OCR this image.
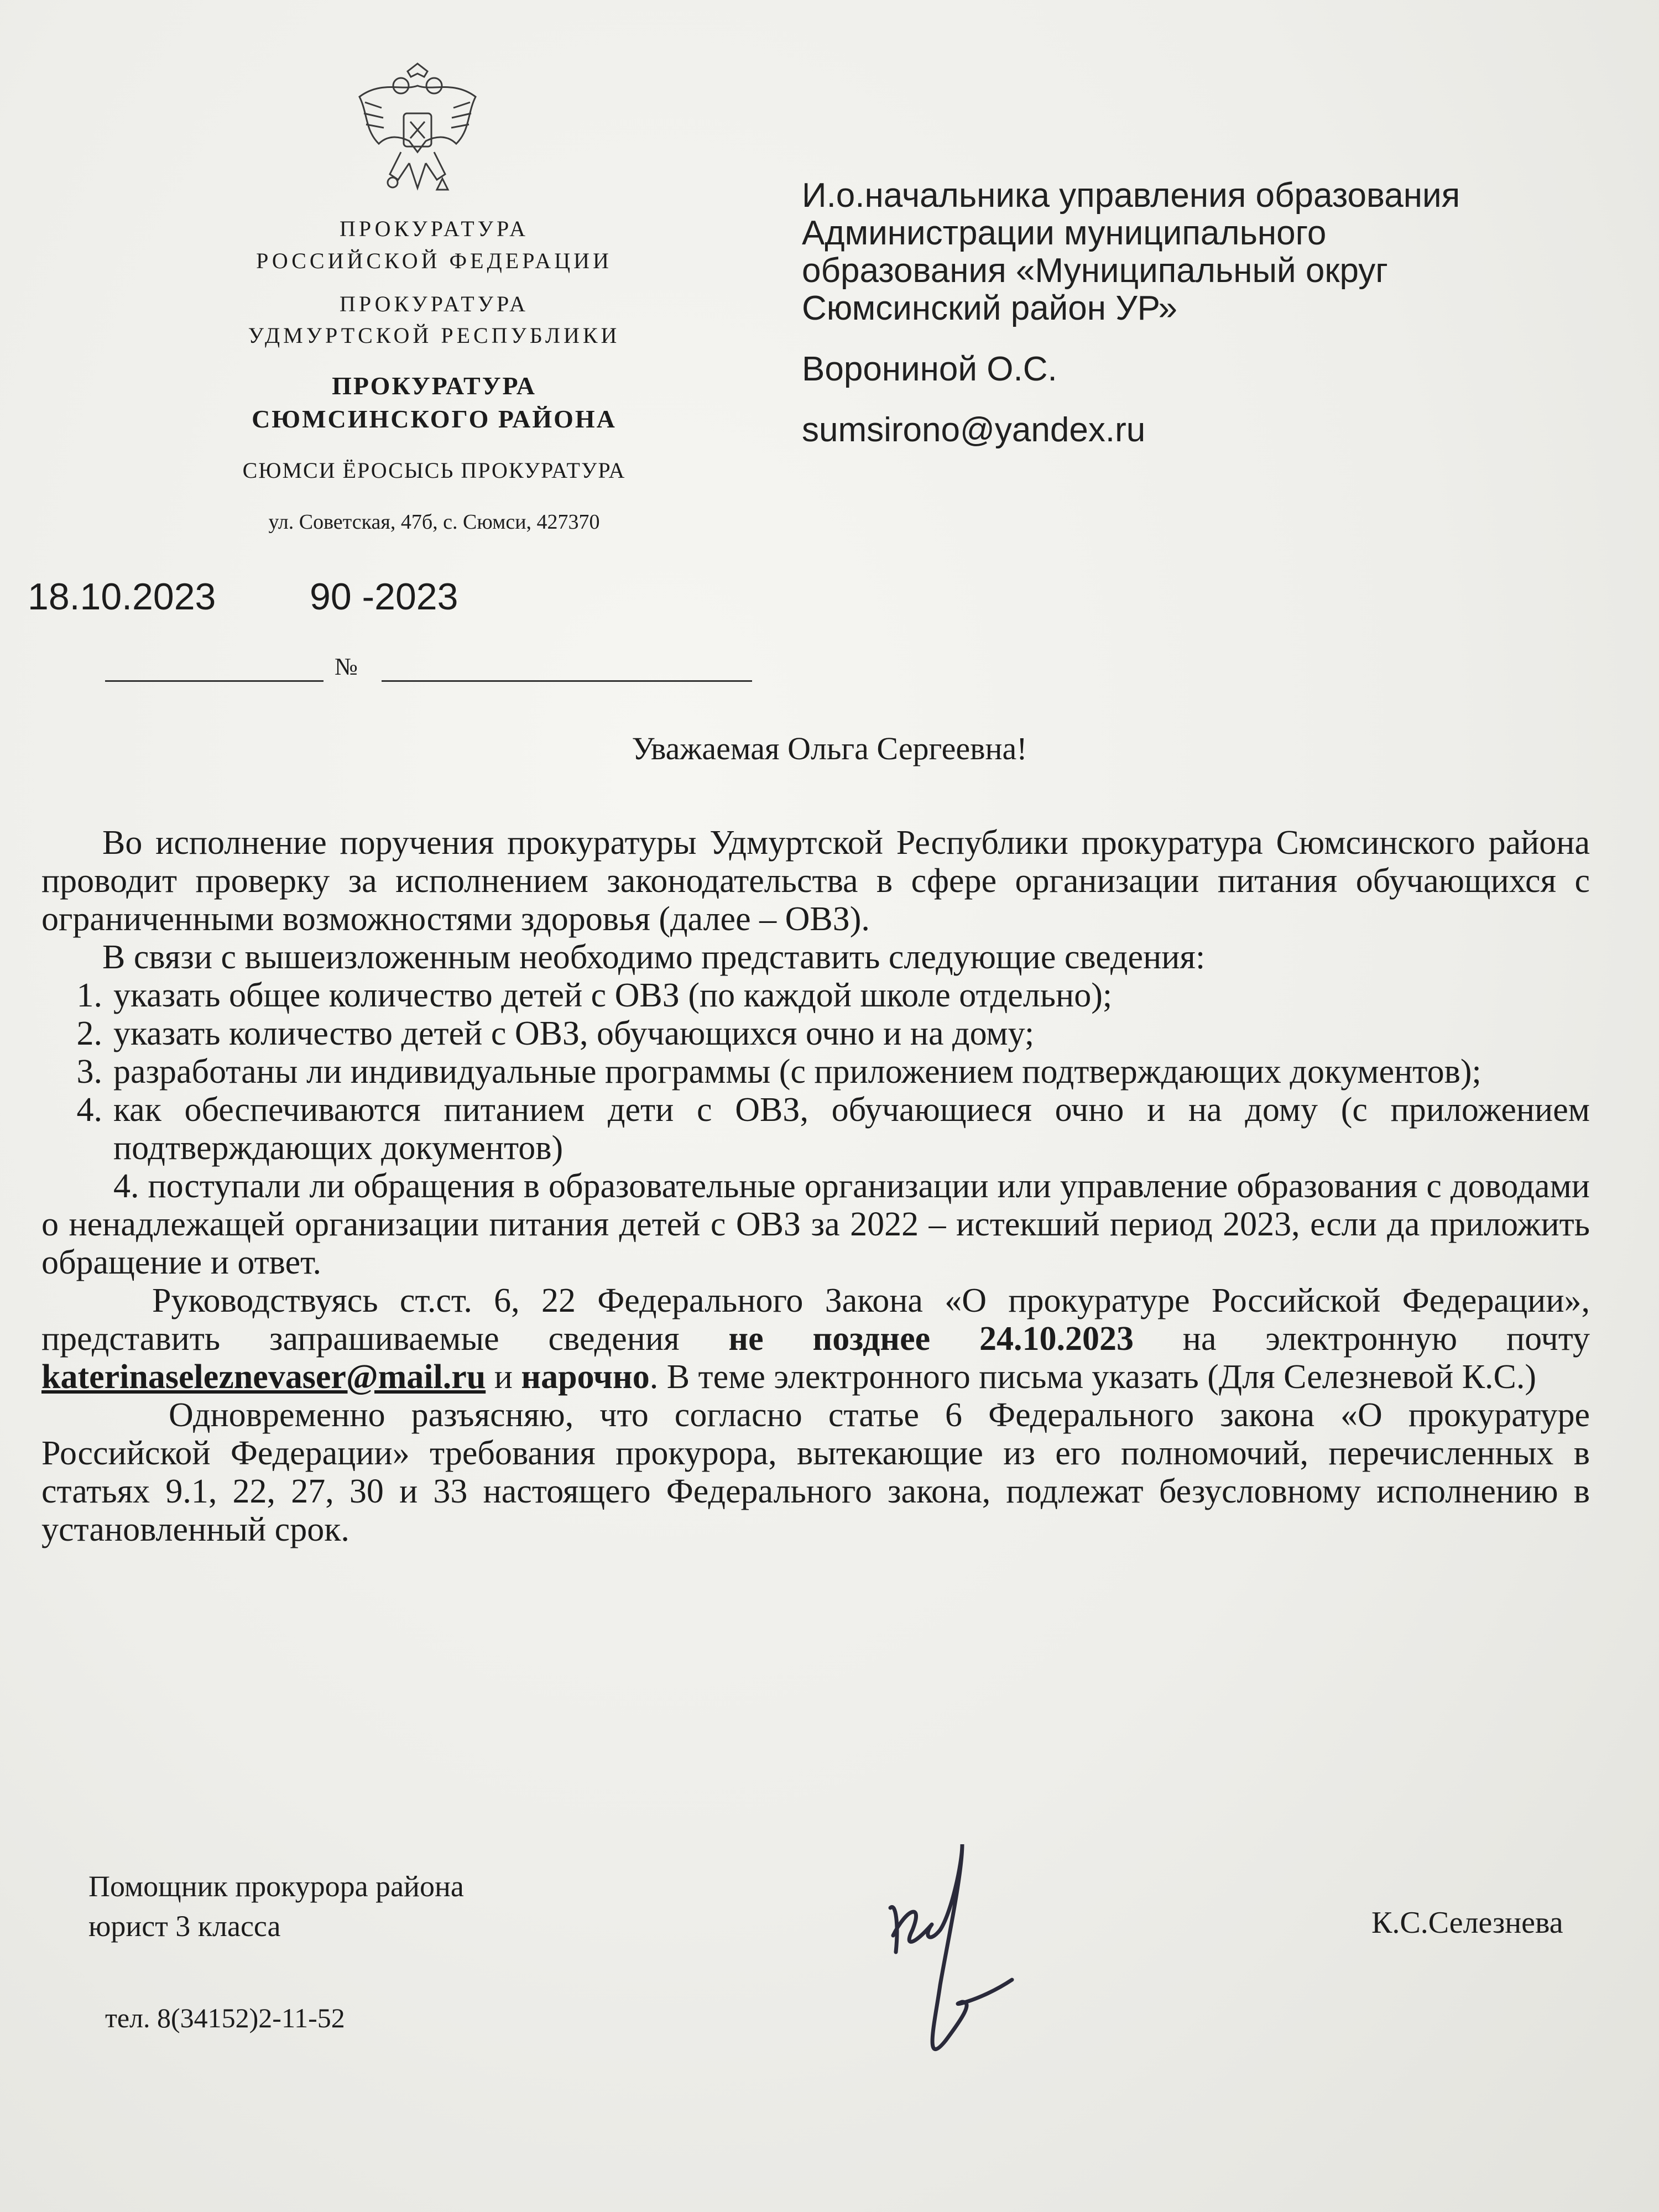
ПРОКУРАТУРА
РОССИЙСКОЙ ФЕДЕРАЦИИ
ПРОКУРАТУРА
УДМУРТСКОЙ РЕСПУБЛИКИ
ПРОКУРАТУРА
СЮМСИНСКОГО РАЙОНА
СЮМСИ ЁРОСЫСЬ ПРОКУРАТУРА
ул. Советская, 47б, с. Сюмси, 427370
И.о.начальника управления образования Администрации муниципального образования «Муниципальный округ Сюмсинский район УР»
Ворониной О.С.
sumsirono@yandex.ru
18.10.2023 90 -2023
№
Уважаемая Ольга Сергеевна!

Во исполнение поручения прокуратуры Удмуртской Республики прокуратура Сюмсинского района проводит проверку за исполнением законодательства в сфере организации питания обучающихся с ограниченными возможностями здоровья (далее – ОВЗ).

В связи с вышеизложенным необходимо представить следующие сведения:

1. указать общее количество детей с ОВЗ (по каждой школе отдельно);
2. указать количество детей с ОВЗ, обучающихся очно и на дому;
3. разработаны ли индивидуальные программы (с приложением подтверждающих документов);
4. как обеспечиваются питанием дети с ОВЗ, обучающиеся очно и на дому (с приложением подтверждающих документов)

4. поступали ли обращения в образовательные организации или управление образования с доводами о ненадлежащей организации питания детей с ОВЗ за 2022 – истекший период 2023, если да приложить обращение и ответ.

Руководствуясь ст.ст. 6, 22 Федерального Закона «О прокуратуре Российской Федерации», представить запрашиваемые сведения не позднее 24.10.2023 на электронную почту katerinaseleznevaser@mail.ru и нарочно. В теме электронного письма указать (Для Селезневой К.С.)

Одновременно разъясняю, что согласно статье 6 Федерального закона «О прокуратуре Российской Федерации» требования прокурора, вытекающие из его полномочий, перечисленных в статьях 9.1, 22, 27, 30 и 33 настоящего Федерального закона, подлежат безусловному исполнению в установленный срок.

Помощник прокурора района
юрист 3 класса	К.С.Селезнева
тел. 8(34152)2-11-52
